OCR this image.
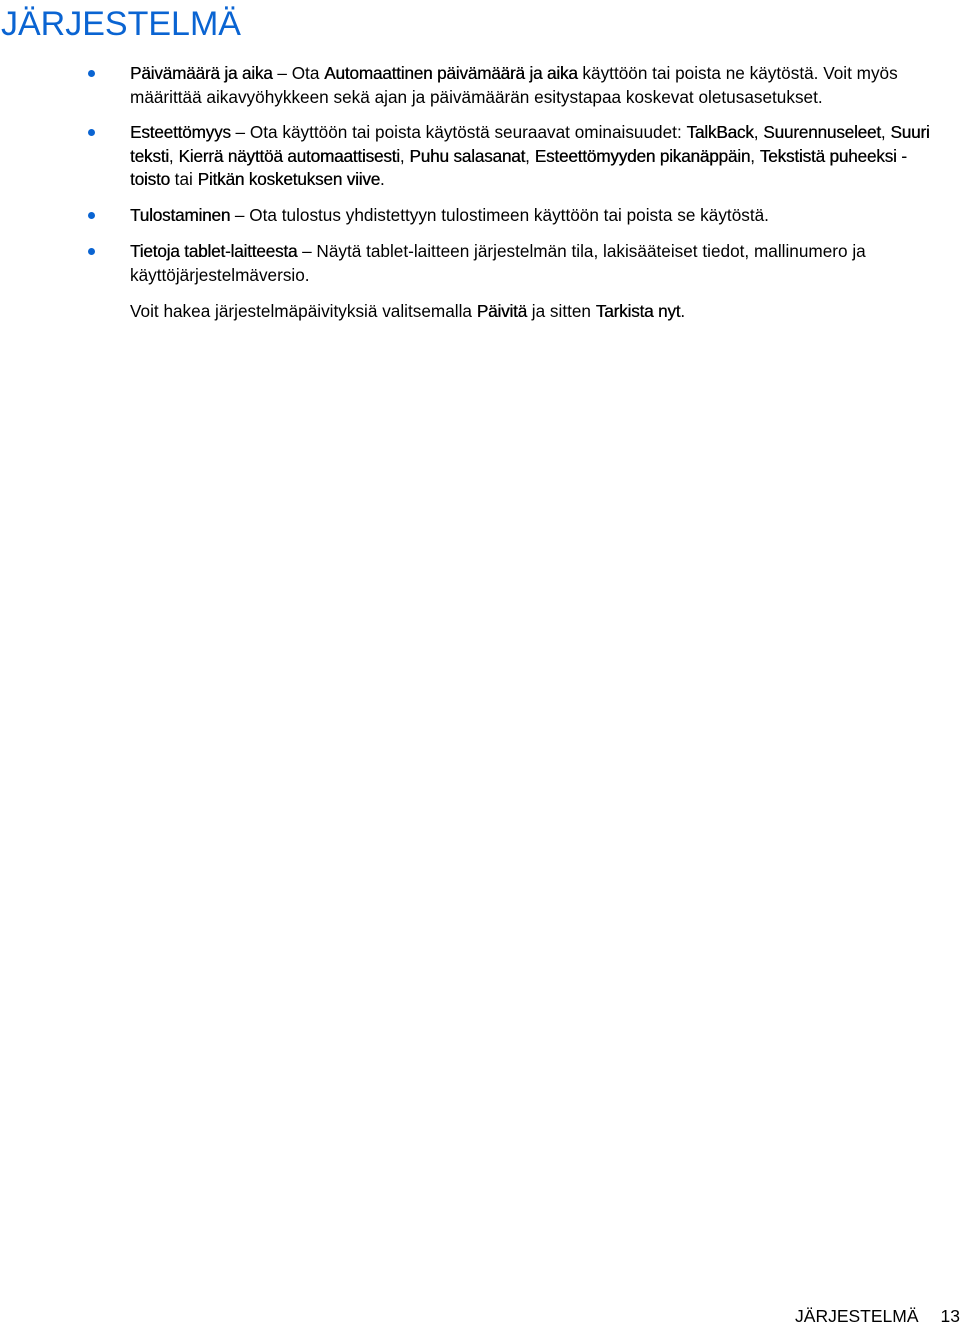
JÄRJESTELMÄ
Päivämäärä ja aika – Ota Automaattinen päivämäärä ja aika käyttöön tai poista ne käytöstä. Voit myös määrittää aikavyöhykkeen sekä ajan ja päivämäärän esitystapaa koskevat oletusasetukset.
Esteettömyys – Ota käyttöön tai poista käytöstä seuraavat ominaisuudet: TalkBack, Suurennuseleet, Suuri teksti, Kierrä näyttöä automaattisesti, Puhu salasanat, Esteettömyyden pikanäppäin, Tekstistä puheeksi -toisto tai Pitkän kosketuksen viive.
Tulostaminen – Ota tulostus yhdistettyyn tulostimeen käyttöön tai poista se käytöstä.
Tietoja tablet-laitteesta – Näytä tablet-laitteen järjestelmän tila, lakisääteiset tiedot, mallinumero ja käyttöjärjestelmäversio.

Voit hakea järjestelmäpäivityksiä valitsemalla Päivitä ja sitten Tarkista nyt.

JÄRJESTELMÄ 13
